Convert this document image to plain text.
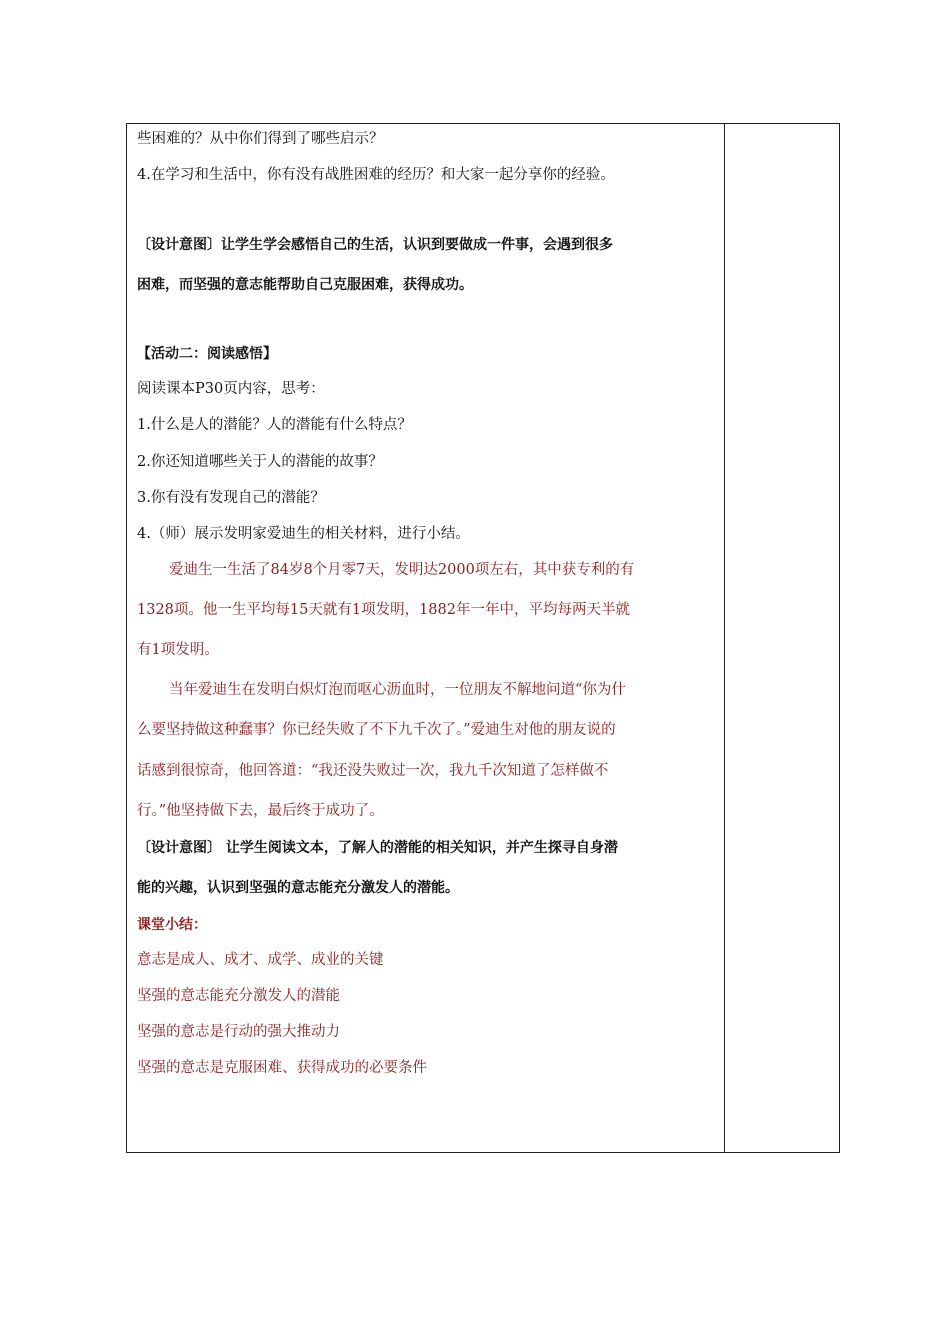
些困难的？从中你们得到了哪些启示？
4.在学习和生活中，你有没有战胜困难的经历？和大家一起分享你的经验。
〔设计意图〕让学生学会感悟自己的生活，认识到要做成一件事，会遇到很多
困难，而坚强的意志能帮助自己克服困难，获得成功。
【活动二：阅读感悟】
阅读课本P30页内容，思考：
1.什么是人的潜能？人的潜能有什么特点？
2.你还知道哪些关于人的潜能的故事？
3.你有没有发现自己的潜能？
4.（师）展示发明家爱迪生的相关材料，进行小结。
爱迪生一生活了84岁8个月零7天，发明达2000项左右，其中获专利的有
1328项。他一生平均每15天就有1项发明，1882年一年中，平均每两天半就
有1项发明。
当年爱迪生在发明白炽灯泡而呕心沥血时，一位朋友不解地问道“你为什
么要坚持做这种蠢事？你已经失败了不下九千次了。”爱迪生对他的朋友说的
话感到很惊奇，他回答道：“我还没失败过一次，我九千次知道了怎样做不
行。”他坚持做下去，最后终于成功了。
〔设计意图〕 让学生阅读文本，了解人的潜能的相关知识，并产生探寻自身潜
能的兴趣，认识到坚强的意志能充分激发人的潜能。
课堂小结：
意志是成人、成才、成学、成业的关键
坚强的意志能充分激发人的潜能
坚强的意志是行动的强大推动力
坚强的意志是克服困难、获得成功的必要条件
